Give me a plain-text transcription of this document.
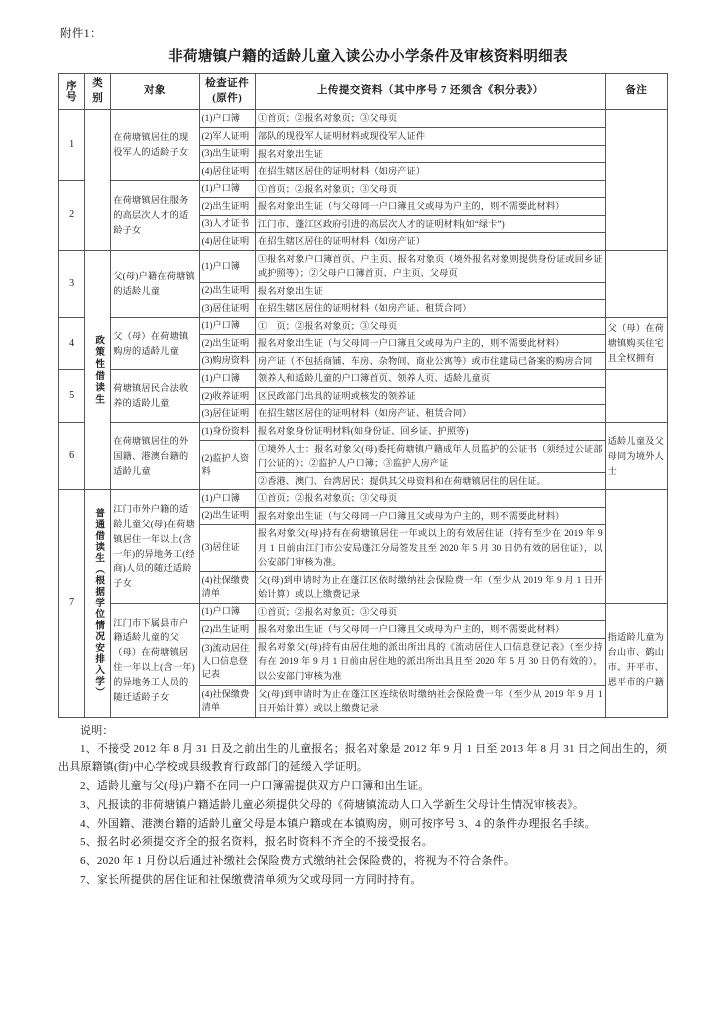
附件1：
非荷塘镇户籍的适龄儿童入读公办小学条件及审核资料明细表
序
号	类别	对象	检查证件(原件)	上传提交资料（其中序号 7 还须含《积分表》）	备注
1		在荷塘镇居住的现役军人的适龄子女	(1)户口簿	①首页；②报名对象页；③父母页	
			(2)军人证明	部队的现役军人证明材料或现役军人证件	
			(3)出生证明	报名对象出生证	
			(4)居住证明	在招生辖区居住的证明材料（如房产证）	
2		在荷塘镇居住服务的高层次人才的适龄子女	(1)户口簿	①首页；②报名对象页；③父母页	
			(2)出生证明	报名对象出生证（与父母同一户口簿且父或母为户主的，则不需要此材料）	
			(3)人才证书	江门市、蓬江区政府引进的高层次人才的证明材料(如“绿卡”)	
			(4)居住证明	在招生辖区居住的证明材料（如房产证）	
3	政策性借读生	父(母)户籍在荷塘镇的适龄儿童	(1)户口簿	①报名对象户口簿首页、户主页、报名对象页（境外报名对象则提供身份证或回乡证或护照等）；②父母户口簿首页、户主页、父母页	
			(2)出生证明	报名对象出生证	
			(3)居住证明	在招生辖区居住的证明材料（如房产证、租赁合同）	
4		父（母）在荷塘镇购房的适龄儿童	(1)户口簿	①　页；②报名对象页；③父母页	父（母）在荷塘镇购买住宅且全权拥有
			(2)出生证明	报名对象出生证（与父母同一户口簿且父或母为户主的，则不需要此材料）	
			(3)购房资料	房产证（不包括商铺、车房、杂物间、商业公寓等）或市住建局已备案的购房合同	
5		荷塘镇居民合法收养的适龄儿童	(1)户口簿	领养人和适龄儿童的户口簿首页、领养人页、适龄儿童页	
			(2)收养证明	区民政部门出具的证明或核发的领养证	
			(3)居住证明	在招生辖区居住的证明材料（如房产证、租赁合同）	
6		在荷塘镇居住的外国籍、港澳台籍的适龄儿童	(1)身份资料	报名对象身份证明材料(如身份证、回乡证、护照等)	适龄儿童及父母同为境外人士
			(2)监护人资料	①境外人士：报名对象父(母)委托荷塘镇户籍成年人员监护的公证书（须经过公证部门公证的）；②监护人户口簿；③监护人房产证	
				②香港、澳门、台湾居民：提供其父母资料和在荷塘镇居住的居住证。	
7	普通借读生（根据学位情况安排入学）	江门市外户籍的适龄儿童父(母)在荷塘镇居住一年以上(含一年)的异地务工(经商)人员的随迁适龄子女	(1)户口簿	①首页；②报名对象页；③父母页	
			(2)出生证明	报名对象出生证（与父母同一户口簿且父或母为户主的，则不需要此材料）	
			(3)居住证	报名对象父(母)持有在荷塘镇居住一年或以上的有效居住证（持有至少在 2019 年 9 月 1 日前由江门市公安局蓬江分局签发且至 2020 年 5 月 30 日仍有效的居住证），以公安部门审核为准。	
			(4)社保缴费清单	父(母)到申请时为止在蓬江区依时缴纳社会保险费一年（至少从 2019 年 9 月 1 日开始计算）或以上缴费记录	
		江门市下属县市户籍适龄儿童的父（母）在荷塘镇居住一年以上(含一年)的异地务工人员的随迁适龄子女	(1)户口簿	①首页；②报名对象页；③父母页	指适龄儿童为台山市、鹤山市、开平市、恩平市的户籍
			(2)出生证明	报名对象出生证（与父母同一户口簿且父或母为户主的，则不需要此材料）	
			(3)流动居住人口信息登记表	报名对象父(母)持有由居住地的派出所出具的《流动居住人口信息登记表》（至少持有在 2019 年 9 月 1 日前由居住地的派出所出具且至 2020 年 5 月 30 日仍有效的），以公安部门审核为准	
			(4)社保缴费清单	父(母)到申请时为止在蓬江区连续依时缴纳社会保险费一年（至少从 2019 年 9 月 1 日开始计算）或以上缴费记录	
说明：
1、不接受 2012 年 8 月 31 日及之前出生的儿童报名；报名对象是 2012 年 9 月 1 日至 2013 年 8 月 31 日之间出生的，须出具原籍镇(街)中心学校或县级教育行政部门的延缓入学证明。
2、适龄儿童与父(母)户籍不在同一户口簿需提供双方户口簿和出生证。
3、凡报读的非荷塘镇户籍适龄儿童必须提供父母的《荷塘镇流动人口入学新生父母计生情况审核表》。
4、外国籍、港澳台籍的适龄儿童父母是本镇户籍或在本镇购房，则可按序号 3、4 的条件办理报名手续。
5、报名时必须提交齐全的报名资料，报名时资料不齐全的不接受报名。
6、2020 年 1 月份以后通过补缴社会保险费方式缴纳社会保险费的，将视为不符合条件。
7、家长所提供的居住证和社保缴费清单须为父或母同一方同时持有。
